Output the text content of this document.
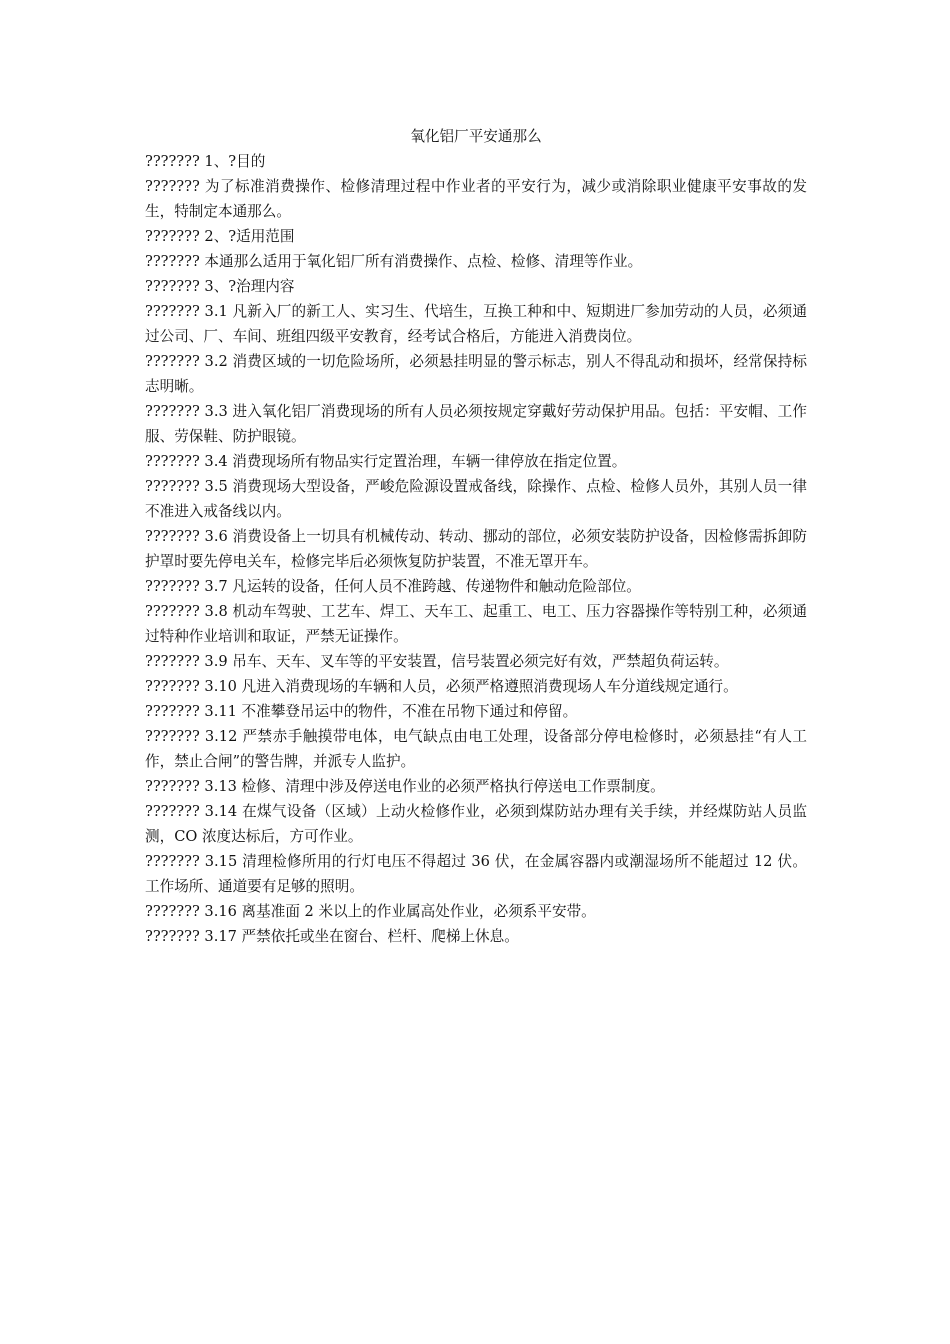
氧化铝厂平安通那么

??????? 1、?目的

??????? 为了标准消费操作、检修清理过程中作业者的平安行为，减少或消除职业健康平安事故的发生，特制定本通那么。

??????? 2、?适用范围

??????? 本通那么适用于氧化铝厂所有消费操作、点检、检修、清理等作业。

??????? 3、?治理内容

??????? 3.1 凡新入厂的新工人、实习生、代培生，互换工种和中、短期进厂参加劳动的人员，必须通过公司、厂、车间、班组四级平安教育，经考试合格后，方能进入消费岗位。

??????? 3.2 消费区域的一切危险场所，必须悬挂明显的警示标志，别人不得乱动和损坏，经常保持标志明晰。

??????? 3.3 进入氧化铝厂消费现场的所有人员必须按规定穿戴好劳动保护用品。包括：平安帽、工作服、劳保鞋、防护眼镜。

??????? 3.4 消费现场所有物品实行定置治理，车辆一律停放在指定位置。

??????? 3.5 消费现场大型设备，严峻危险源设置戒备线，除操作、点检、检修人员外，其别人员一律不准进入戒备线以内。

??????? 3.6 消费设备上一切具有机械传动、转动、挪动的部位，必须安装防护设备，因检修需拆卸防护罩时要先停电关车，检修完毕后必须恢复防护装置，不准无罩开车。

??????? 3.7 凡运转的设备，任何人员不准跨越、传递物件和触动危险部位。

??????? 3.8 机动车驾驶、工艺车、焊工、天车工、起重工、电工、压力容器操作等特别工种，必须通过特种作业培训和取证，严禁无证操作。

??????? 3.9 吊车、天车、叉车等的平安装置，信号装置必须完好有效，严禁超负荷运转。

??????? 3.10 凡进入消费现场的车辆和人员，必须严格遵照消费现场人车分道线规定通行。

??????? 3.11 不准攀登吊运中的物件，不准在吊物下通过和停留。

??????? 3.12 严禁赤手触摸带电体，电气缺点由电工处理，设备部分停电检修时，必须悬挂“有人工作，禁止合闸”的警告牌，并派专人监护。

??????? 3.13 检修、清理中涉及停送电作业的必须严格执行停送电工作票制度。

??????? 3.14 在煤气设备（区域）上动火检修作业，必须到煤防站办理有关手续，并经煤防站人员监测，CO 浓度达标后，方可作业。

??????? 3.15 清理检修所用的行灯电压不得超过 36 伏，在金属容器内或潮湿场所不能超过 12 伏。工作场所、通道要有足够的照明。

??????? 3.16 离基准面 2 米以上的作业属高处作业，必须系平安带。

??????? 3.17 严禁依托或坐在窗台、栏杆、爬梯上休息。
